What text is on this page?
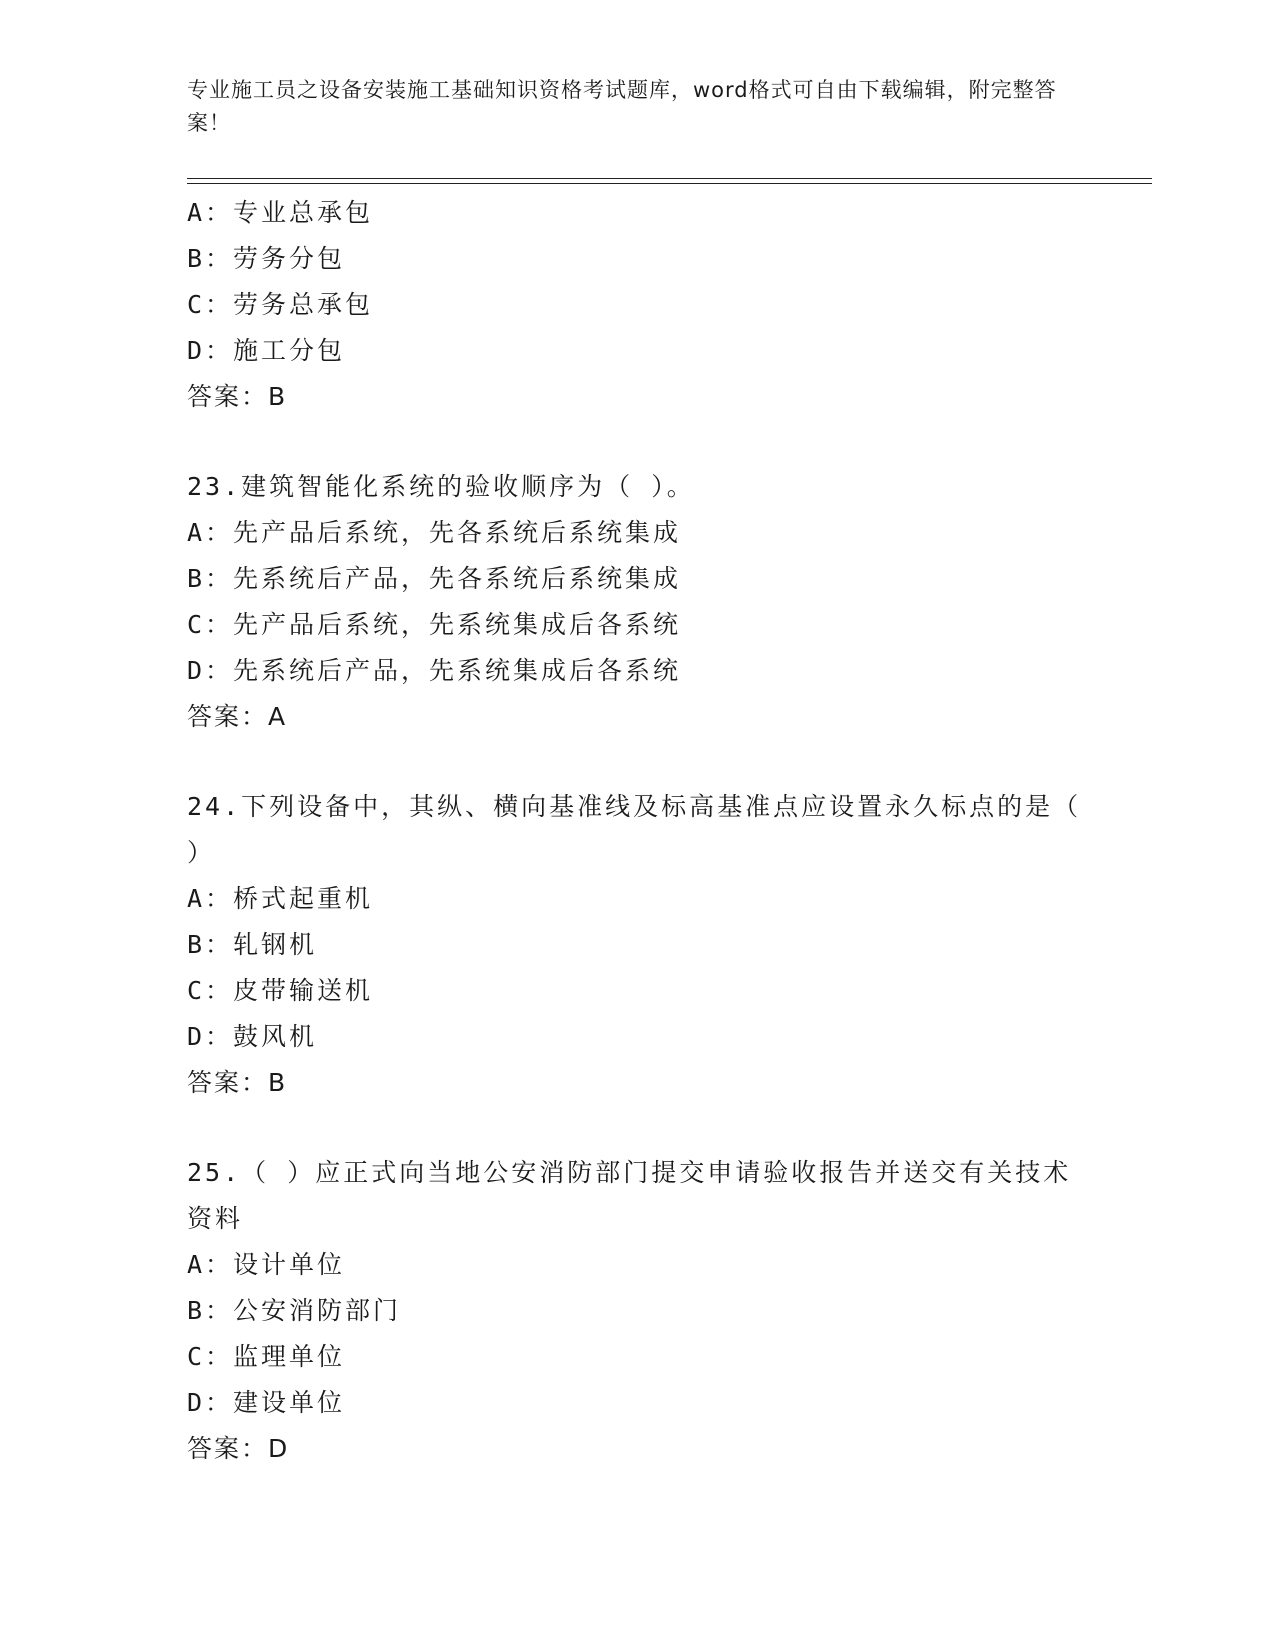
专业施工员之设备安装施工基础知识资格考试题库，word格式可自由下载编辑，附完整答案！
A：专业总承包
B：劳务分包
C：劳务总承包
D：施工分包
答案：B
23.建筑智能化系统的验收顺序为（ ）。
A：先产品后系统，先各系统后系统集成
B：先系统后产品，先各系统后系统集成
C：先产品后系统，先系统集成后各系统
D：先系统后产品，先系统集成后各系统
答案：A
24.下列设备中，其纵、横向基准线及标高基准点应设置永久标点的是（ ）
A：桥式起重机
B：轧钢机
C：皮带输送机
D：鼓风机
答案：B
25.（ ）应正式向当地公安消防部门提交申请验收报告并送交有关技术资料
A：设计单位
B：公安消防部门
C：监理单位
D：建设单位
答案：D
